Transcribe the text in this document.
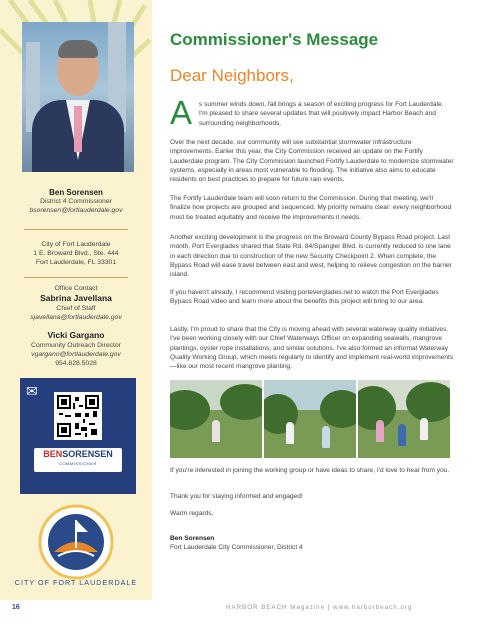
Ben Sorensen
District 4 Commissioner
bsorensen@fortlauderdale.gov
City of Fort Lauderdale
1 E. Broward Blvd., Ste. 444
Fort Lauderdale, FL 33301
Office Contact
Sabrina Javellana
Chief of Staff
sjavellana@fortlauderdale.gov
Vicki Gargano
Community Outreach Director
vgargano@fortlauderdale.gov
954.828.5028
✉
BENSORENSEN
COMMISSIONER
CITY OF FORT LAUDERDALE
Commissioner's Message
Dear Neighbors,
A s summer winds down, fall brings a season of exciting progress for Fort Lauderdale. I'm pleased to share several updates that will positively impact Harbor Beach and surrounding neighborhoods.
Over the next decade, our community will see substantial stormwater infrastructure improvements. Earlier this year, the City Commission received an update on the Fortify Lauderdale program. The City Commission launched Fortify Lauderdale to modernize stormwater systems, especially in areas most vulnerable to flooding. The initiative also aims to educate residents on best practices to prepare for future rain events.
The Fortify Lauderdale team will soon return to the Commission. During that meeting, we'll finalize how projects are grouped and sequenced. My priority remains clear: every neighborhood must be treated equitably and receive the improvements it needs.
Another exciting development is the progress on the Broward County Bypass Road project. Last month, Port Everglades shared that State Rd. 84/Spangler Blvd. is currently reduced to one lane in each direction due to construction of the new Security Checkpoint 2. When complete, the Bypass Road will ease travel between east and west, helping to relieve congestion on the barrier island.
If you haven't already, I recommend visiting porteverglades.net to watch the Port Everglades Bypass Road video and learn more about the benefits this project will bring to our area.
Lastly, I'm proud to share that the City is moving ahead with several waterway quality initiatives. I've been working closely with our Chief Waterways Officer on expanding seawalls, mangrove plantings, oyster rope installations, and similar solutions. I've also formed an informal Waterway Quality Working Group, which meets regularly to identify and implement real-world improvements—like our most recent mangrove planting.
If you're interested in joining the working group or have ideas to share, I'd love to hear from you.
Thank you for staying informed and engaged!
Warm regards,
Ben Sorensen
Fort Lauderdale City Commissioner, District 4
16	HARBOR BEACH Magazine | www.harborbeach.org
